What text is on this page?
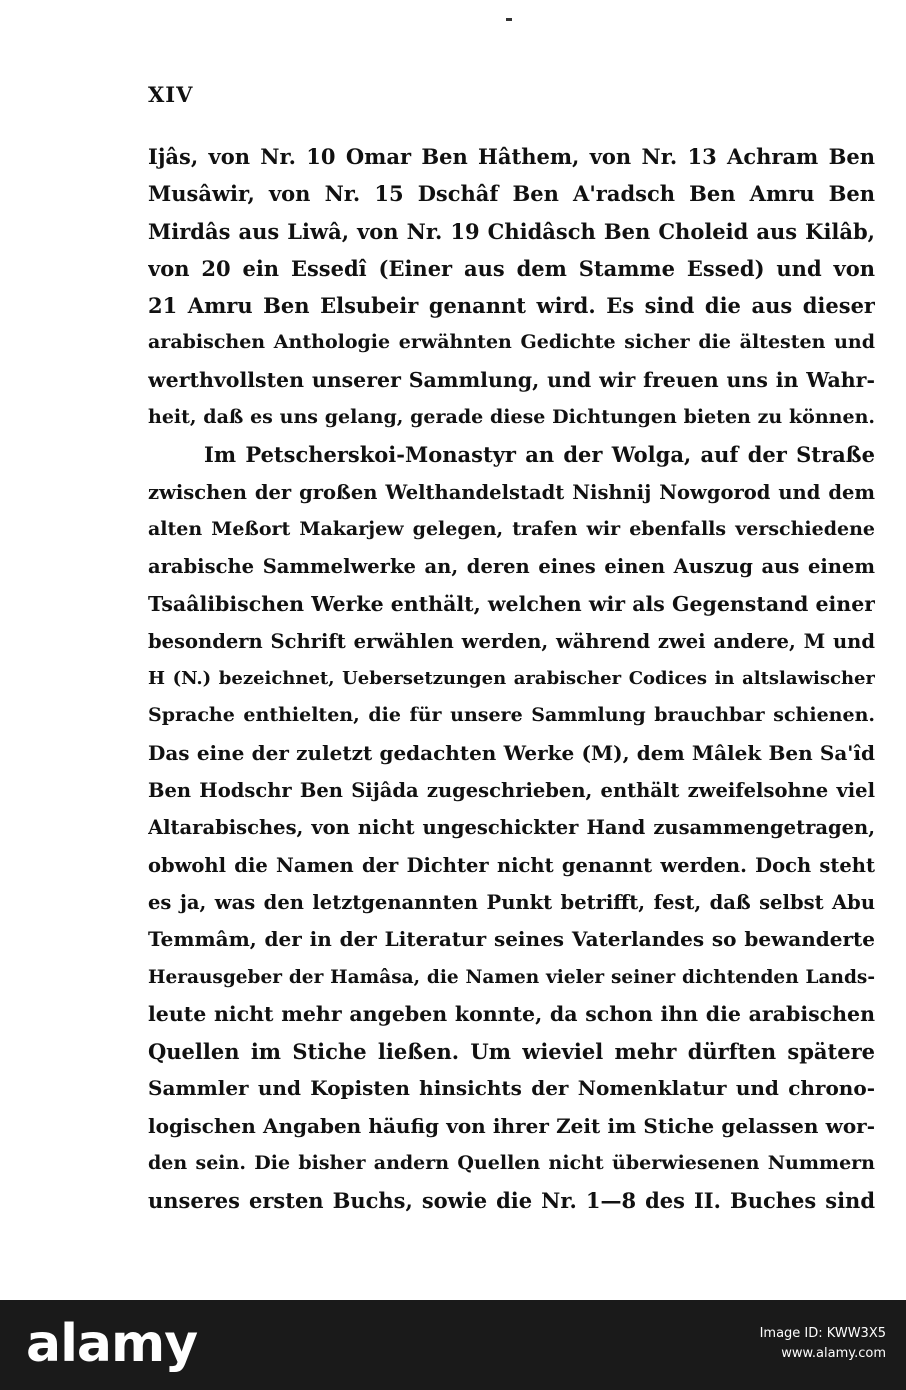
XIV
Ijâs, von Nr. 10 Omar Ben Hâthem, von Nr. 13 Achram Ben
Musâwir, von Nr. 15 Dschâf Ben A'radsch Ben Amru Ben
Mirdâs aus Liwâ, von Nr. 19 Chidâsch Ben Choleid aus Kilâb,
von 20 ein Essedî (Einer aus dem Stamme Essed) und von
21 Amru Ben Elsubeir genannt wird. Es sind die aus dieser
arabischen Anthologie erwähnten Gedichte sicher die ältesten und
werthvollsten unserer Sammlung, und wir freuen uns in Wahr-
heit, daß es uns gelang, gerade diese Dichtungen bieten zu können.
Im Petscherskoi-Monastyr an der Wolga, auf der Straße
zwischen der großen Welthandelstadt Nishnij Nowgorod und dem
alten Meßort Makarjew gelegen, trafen wir ebenfalls verschiedene
arabische Sammelwerke an, deren eines einen Auszug aus einem
Tsaâlibischen Werke enthält, welchen wir als Gegenstand einer
besondern Schrift erwählen werden, während zwei andere, M und
H (N.) bezeichnet, Uebersetzungen arabischer Codices in altslawischer
Sprache enthielten, die für unsere Sammlung brauchbar schienen.
Das eine der zuletzt gedachten Werke (M), dem Mâlek Ben Sa'îd
Ben Hodschr Ben Sijâda zugeschrieben, enthält zweifelsohne viel
Altarabisches, von nicht ungeschickter Hand zusammengetragen,
obwohl die Namen der Dichter nicht genannt werden. Doch steht
es ja, was den letztgenannten Punkt betrifft, fest, daß selbst Abu
Temmâm, der in der Literatur seines Vaterlandes so bewanderte
Herausgeber der Hamâsa, die Namen vieler seiner dichtenden Lands-
leute nicht mehr angeben konnte, da schon ihn die arabischen
Quellen im Stiche ließen. Um wieviel mehr dürften spätere
Sammler und Kopisten hinsichts der Nomenklatur und chrono-
logischen Angaben häufig von ihrer Zeit im Stiche gelassen wor-
den sein. Die bisher andern Quellen nicht überwiesenen Nummern
unseres ersten Buchs, sowie die Nr. 1—8 des II. Buches sind
alamy	Image ID: KWW3X5
www.alamy.com
